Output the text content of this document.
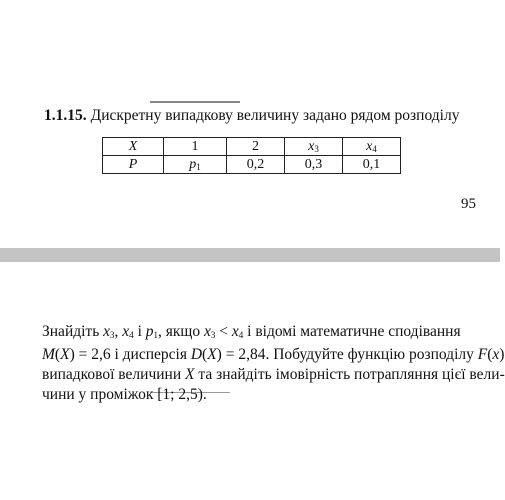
1.1.15. Дискретну випадкову величину задано рядом розподілу
X	1	2	$x_3$	$x_4$
P	$p_1$	0,2	0,3	0,1
95
Знайдіть $x_3$, $x_4$ і $p_1$, якщо $x_3 < x_4$ і відомі математичне сподівання
M(X) = 2,6 і дисперсія D(X) = 2,84. Побудуйте функцію розподілу F(x)
випадкової величини X та знайдіть імовірність потрапляння цієї вели-
чини у проміжок [1; 2,5).
